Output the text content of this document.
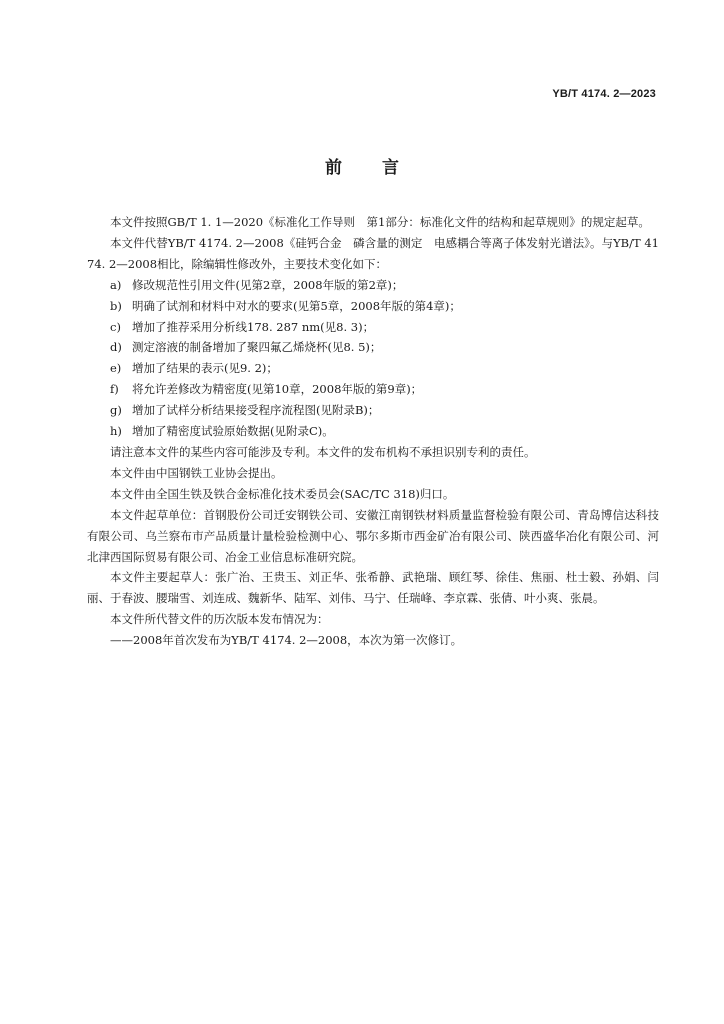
YB/T 4174. 2—2023
前言

本文件按照GB/T 1. 1—2020《标准化工作导则　第1部分：标准化文件的结构和起草规则》的规定起草。

本文件代替YB/T 4174. 2—2008《硅钙合金　磷含量的测定　电感耦合等离子体发射光谱法》。与YB/T 4174. 2—2008相比，除编辑性修改外，主要技术变化如下：

a) 修改规范性引用文件(见第2章，2008年版的第2章)；

b) 明确了试剂和材料中对水的要求(见第5章，2008年版的第4章)；

c) 增加了推荐采用分析线178. 287 nm(见8. 3)；

d) 测定溶液的制备增加了聚四氟乙烯烧杯(见8. 5)；

e) 增加了结果的表示(见9. 2)；

f) 将允许差修改为精密度(见第10章，2008年版的第9章)；

g) 增加了试样分析结果接受程序流程图(见附录B)；

h) 增加了精密度试验原始数据(见附录C)。

请注意本文件的某些内容可能涉及专利。本文件的发布机构不承担识别专利的责任。

本文件由中国钢铁工业协会提出。

本文件由全国生铁及铁合金标准化技术委员会(SAC/TC 318)归口。

本文件起草单位：首钢股份公司迁安钢铁公司、安徽江南钢铁材料质量监督检验有限公司、青岛博信达科技有限公司、乌兰察布市产品质量计量检验检测中心、鄂尔多斯市西金矿冶有限公司、陕西盛华冶化有限公司、河北津西国际贸易有限公司、冶金工业信息标准研究院。

本文件主要起草人：张广治、王贵玉、刘正华、张希静、武艳瑞、顾红琴、徐佳、焦丽、杜士毅、孙娟、闫丽、于春波、腰瑞雪、刘连成、魏新华、陆军、刘伟、马宁、任瑞峰、李京霖、张倩、叶小爽、张晨。

本文件所代替文件的历次版本发布情况为：

——2008年首次发布为YB/T 4174. 2—2008，本次为第一次修订。
